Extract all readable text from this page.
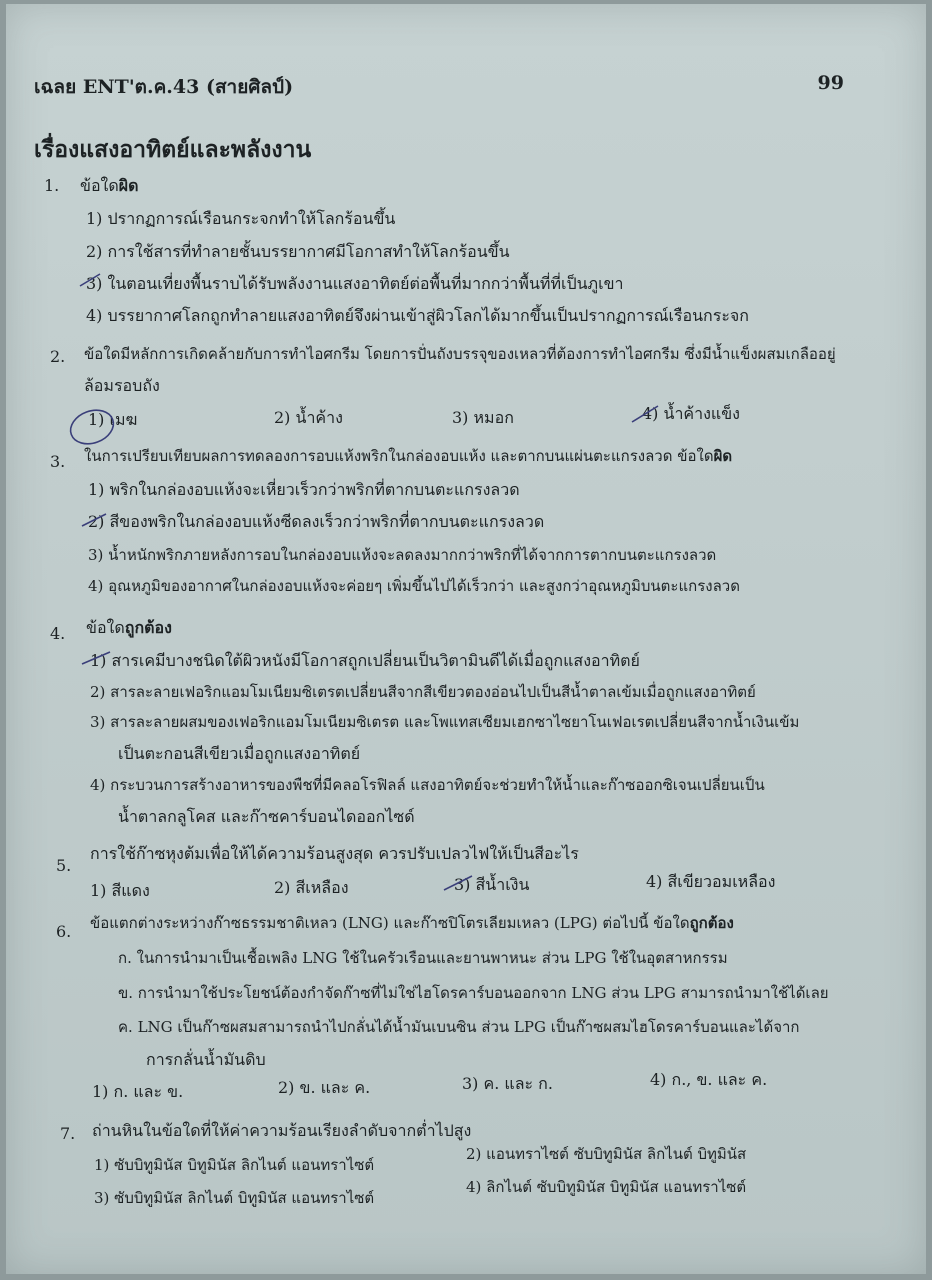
เฉลย ENT'ต.ค.43 (สายศิลป์)	99
เรื่องแสงอาทิตย์และพลังงาน
1. ข้อใดผิด
1) ปรากฏการณ์เรือนกระจกทำให้โลกร้อนขึ้น
2) การใช้สารที่ทำลายชั้นบรรยากาศมีโอกาสทำให้โลกร้อนขึ้น
3) ในตอนเที่ยงพื้นราบได้รับพลังงานแสงอาทิตย์ต่อพื้นที่มากกว่าพื้นที่ที่เป็นภูเขา
4) บรรยากาศโลกถูกทำลายแสงอาทิตย์จึงผ่านเข้าสู่ผิวโลกได้มากขึ้นเป็นปรากฏการณ์เรือนกระจก
2. ข้อใดมีหลักการเกิดคล้ายกับการทำไอศกรีม โดยการปั่นถังบรรจุของเหลวที่ต้องการทำไอศกรีม ซึ่งมีน้ำแข็งผสมเกลืออยู่
ล้อมรอบถัง
1) เมฆ	2) น้ำค้าง	3) หมอก	4) น้ำค้างแข็ง
3. ในการเปรียบเทียบผลการทดลองการอบแห้งพริกในกล่องอบแห้ง และตากบนแผ่นตะแกรงลวด ข้อใดผิด
1) พริกในกล่องอบแห้งจะเหี่ยวเร็วกว่าพริกที่ตากบนตะแกรงลวด
2) สีของพริกในกล่องอบแห้งซีดลงเร็วกว่าพริกที่ตากบนตะแกรงลวด
3) น้ำหนักพริกภายหลังการอบในกล่องอบแห้งจะลดลงมากกว่าพริกที่ได้จากการตากบนตะแกรงลวด
4) อุณหภูมิของอากาศในกล่องอบแห้งจะค่อยๆ เพิ่มขึ้นไปได้เร็วกว่า และสูงกว่าอุณหภูมิบนตะแกรงลวด
4. ข้อใดถูกต้อง
1) สารเคมีบางชนิดใต้ผิวหนังมีโอกาสถูกเปลี่ยนเป็นวิตามินดีได้เมื่อถูกแสงอาทิตย์
2) สารละลายเฟอริกแอมโมเนียมซิเตรตเปลี่ยนสีจากสีเขียวตองอ่อนไปเป็นสีน้ำตาลเข้มเมื่อถูกแสงอาทิตย์
3) สารละลายผสมของเฟอริกแอมโมเนียมซิเตรต และโพแทสเซียมเฮกซาไซยาโนเฟอเรตเปลี่ยนสีจากน้ำเงินเข้ม
เป็นตะกอนสีเขียวเมื่อถูกแสงอาทิตย์
4) กระบวนการสร้างอาหารของพืชที่มีคลอโรฟิลล์ แสงอาทิตย์จะช่วยทำให้น้ำและก๊าซออกซิเจนเปลี่ยนเป็น
น้ำตาลกลูโคส และก๊าซคาร์บอนไดออกไซด์
5.
การใช้ก๊าซหุงต้มเพื่อให้ได้ความร้อนสูงสุด ควรปรับเปลวไฟให้เป็นสีอะไร
1) สีแดง	2) สีเหลือง	3) สีน้ำเงิน	4) สีเขียวอมเหลือง
6. ข้อแตกต่างระหว่างก๊าซธรรมชาติเหลว (LNG) และก๊าซปิโตรเลียมเหลว (LPG) ต่อไปนี้ ข้อใดถูกต้อง
ก. ในการนำมาเป็นเชื้อเพลิง LNG ใช้ในครัวเรือนและยานพาหนะ ส่วน LPG ใช้ในอุตสาหกรรม
ข. การนำมาใช้ประโยชน์ต้องกำจัดก๊าซที่ไม่ใช่ไฮโดรคาร์บอนออกจาก LNG ส่วน LPG สามารถนำมาใช้ได้เลย
ค. LNG เป็นก๊าซผสมสามารถนำไปกลั่นได้น้ำมันเบนซิน ส่วน LPG เป็นก๊าซผสมไฮโดรคาร์บอนและได้จาก
การกลั่นน้ำมันดิบ
1) ก. และ ข.	2) ข. และ ค.	3) ค. และ ก.	4) ก., ข. และ ค.
7. ถ่านหินในข้อใดที่ให้ค่าความร้อนเรียงลำดับจากต่ำไปสูง
1) ซับบิทูมินัส บิทูมินัส ลิกไนต์ แอนทราไซต์
2) แอนทราไซต์ ซับบิทูมินัส ลิกไนต์ บิทูมินัส
3) ซับบิทูมินัส ลิกไนต์ บิทูมินัส แอนทราไซต์
4) ลิกไนต์ ซับบิทูมินัส บิทูมินัส แอนทราไซต์
